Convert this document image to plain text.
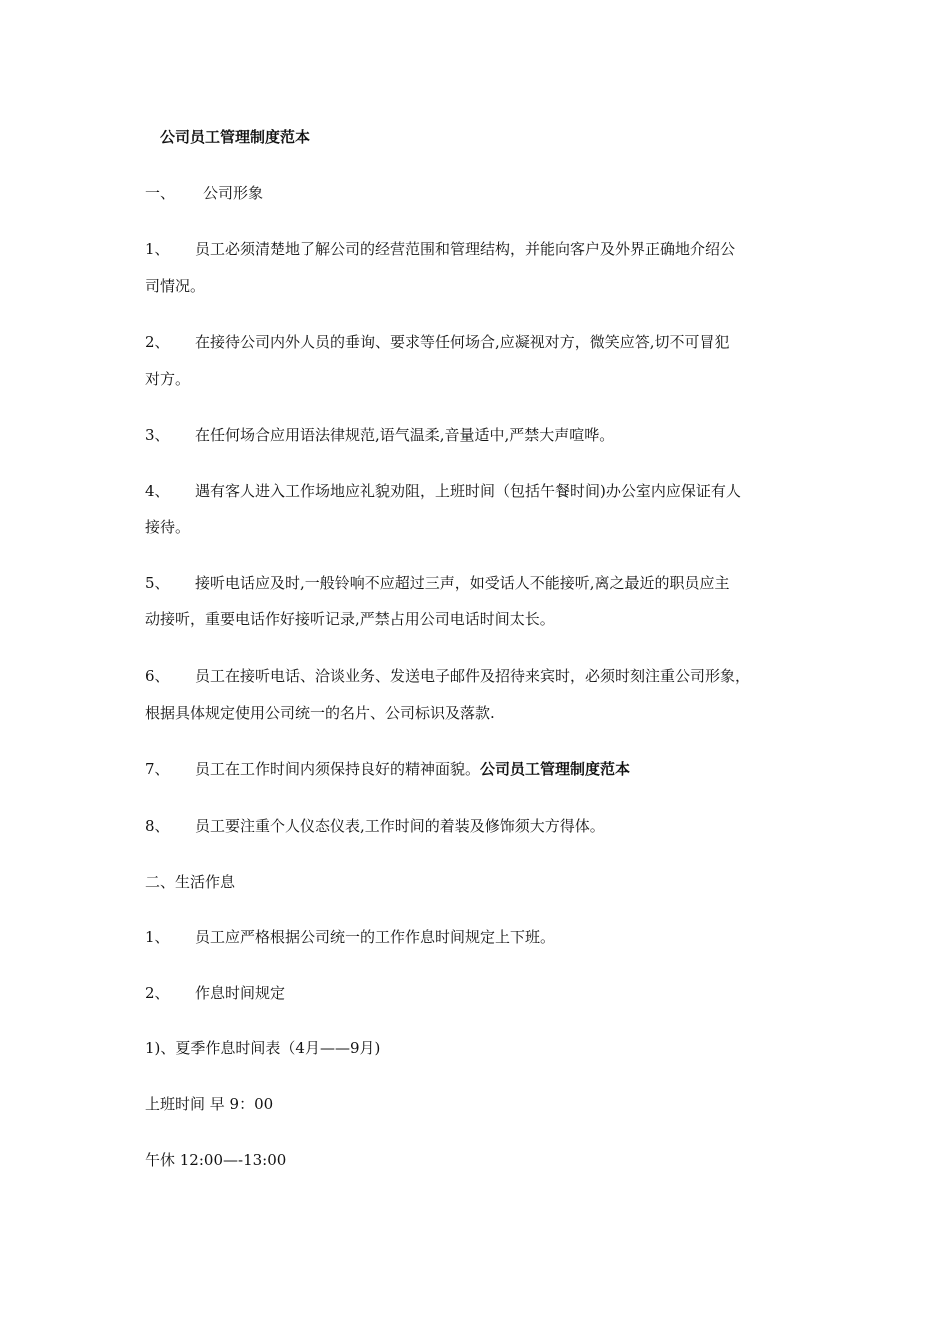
公司员工管理制度范本
一、 公司形象
1、 员工必须清楚地了解公司的经营范围和管理结构，并能向客户及外界正确地介绍公
司情况。
2、 在接待公司内外人员的垂询、要求等任何场合,应凝视对方，微笑应答,切不可冒犯
对方。
3、 在任何场合应用语法律规范,语气温柔,音量适中,严禁大声喧哗。
4、 遇有客人进入工作场地应礼貌劝阻，上班时间（包括午餐时间)办公室内应保证有人
接待。
5、 接听电话应及时,一般铃响不应超过三声，如受话人不能接听,离之最近的职员应主
动接听，重要电话作好接听记录,严禁占用公司电话时间太长。
6、 员工在接听电话、洽谈业务、发送电子邮件及招待来宾时，必须时刻注重公司形象，
根据具体规定使用公司统一的名片、公司标识及落款.
7、 员工在工作时间内须保持良好的精神面貌。公司员工管理制度范本
8、 员工要注重个人仪态仪表,工作时间的着装及修饰须大方得体。
二、生活作息
1、 员工应严格根据公司统一的工作作息时间规定上下班。
2、 作息时间规定
1)、夏季作息时间表（4月——9月)
上班时间 早 9：00
午休 12:00—-13:00
